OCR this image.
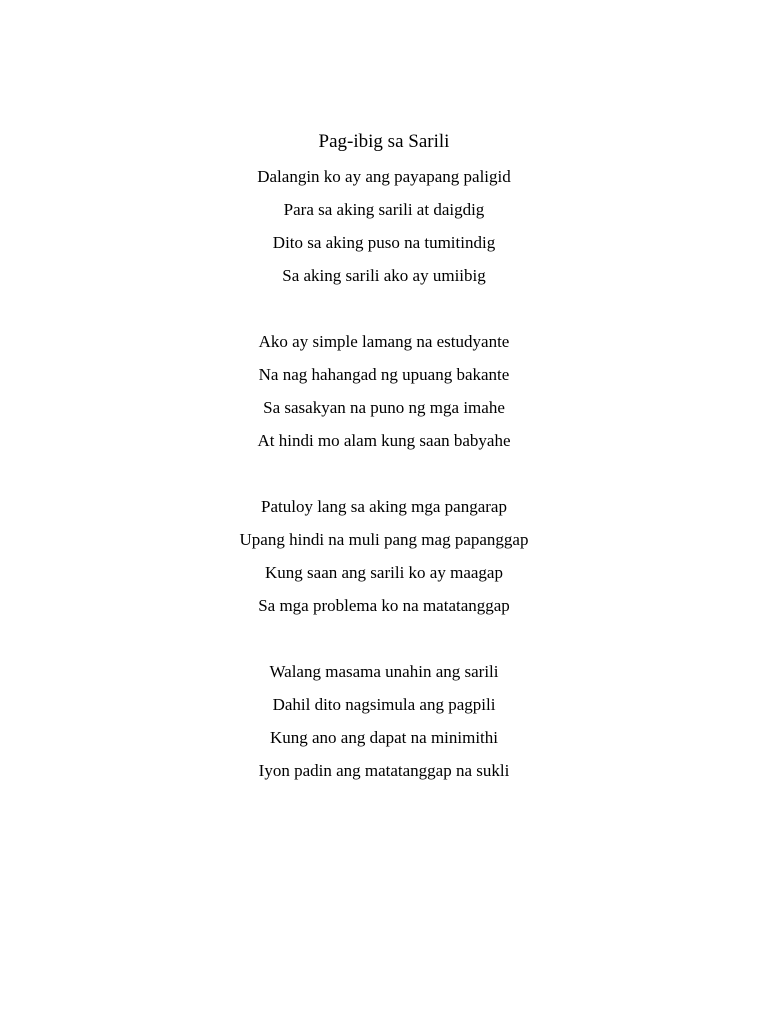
Pag-ibig sa Sarili
Dalangin ko ay ang payapang paligid
Para sa aking sarili at daigdig
Dito sa aking puso na tumitindig
Sa aking sarili ako ay umiibig
Ako ay simple lamang na estudyante
Na nag hahangad ng upuang bakante
Sa sasakyan na puno ng mga imahe
At hindi mo alam kung saan babyahe
Patuloy lang sa aking mga pangarap
Upang hindi na muli pang mag papanggap
Kung saan ang sarili ko ay maagap
Sa mga problema ko na matatanggap
Walang masama unahin ang sarili
Dahil dito nagsimula ang pagpili
Kung ano ang dapat na minimithi
Iyon padin ang matatanggap na sukli
